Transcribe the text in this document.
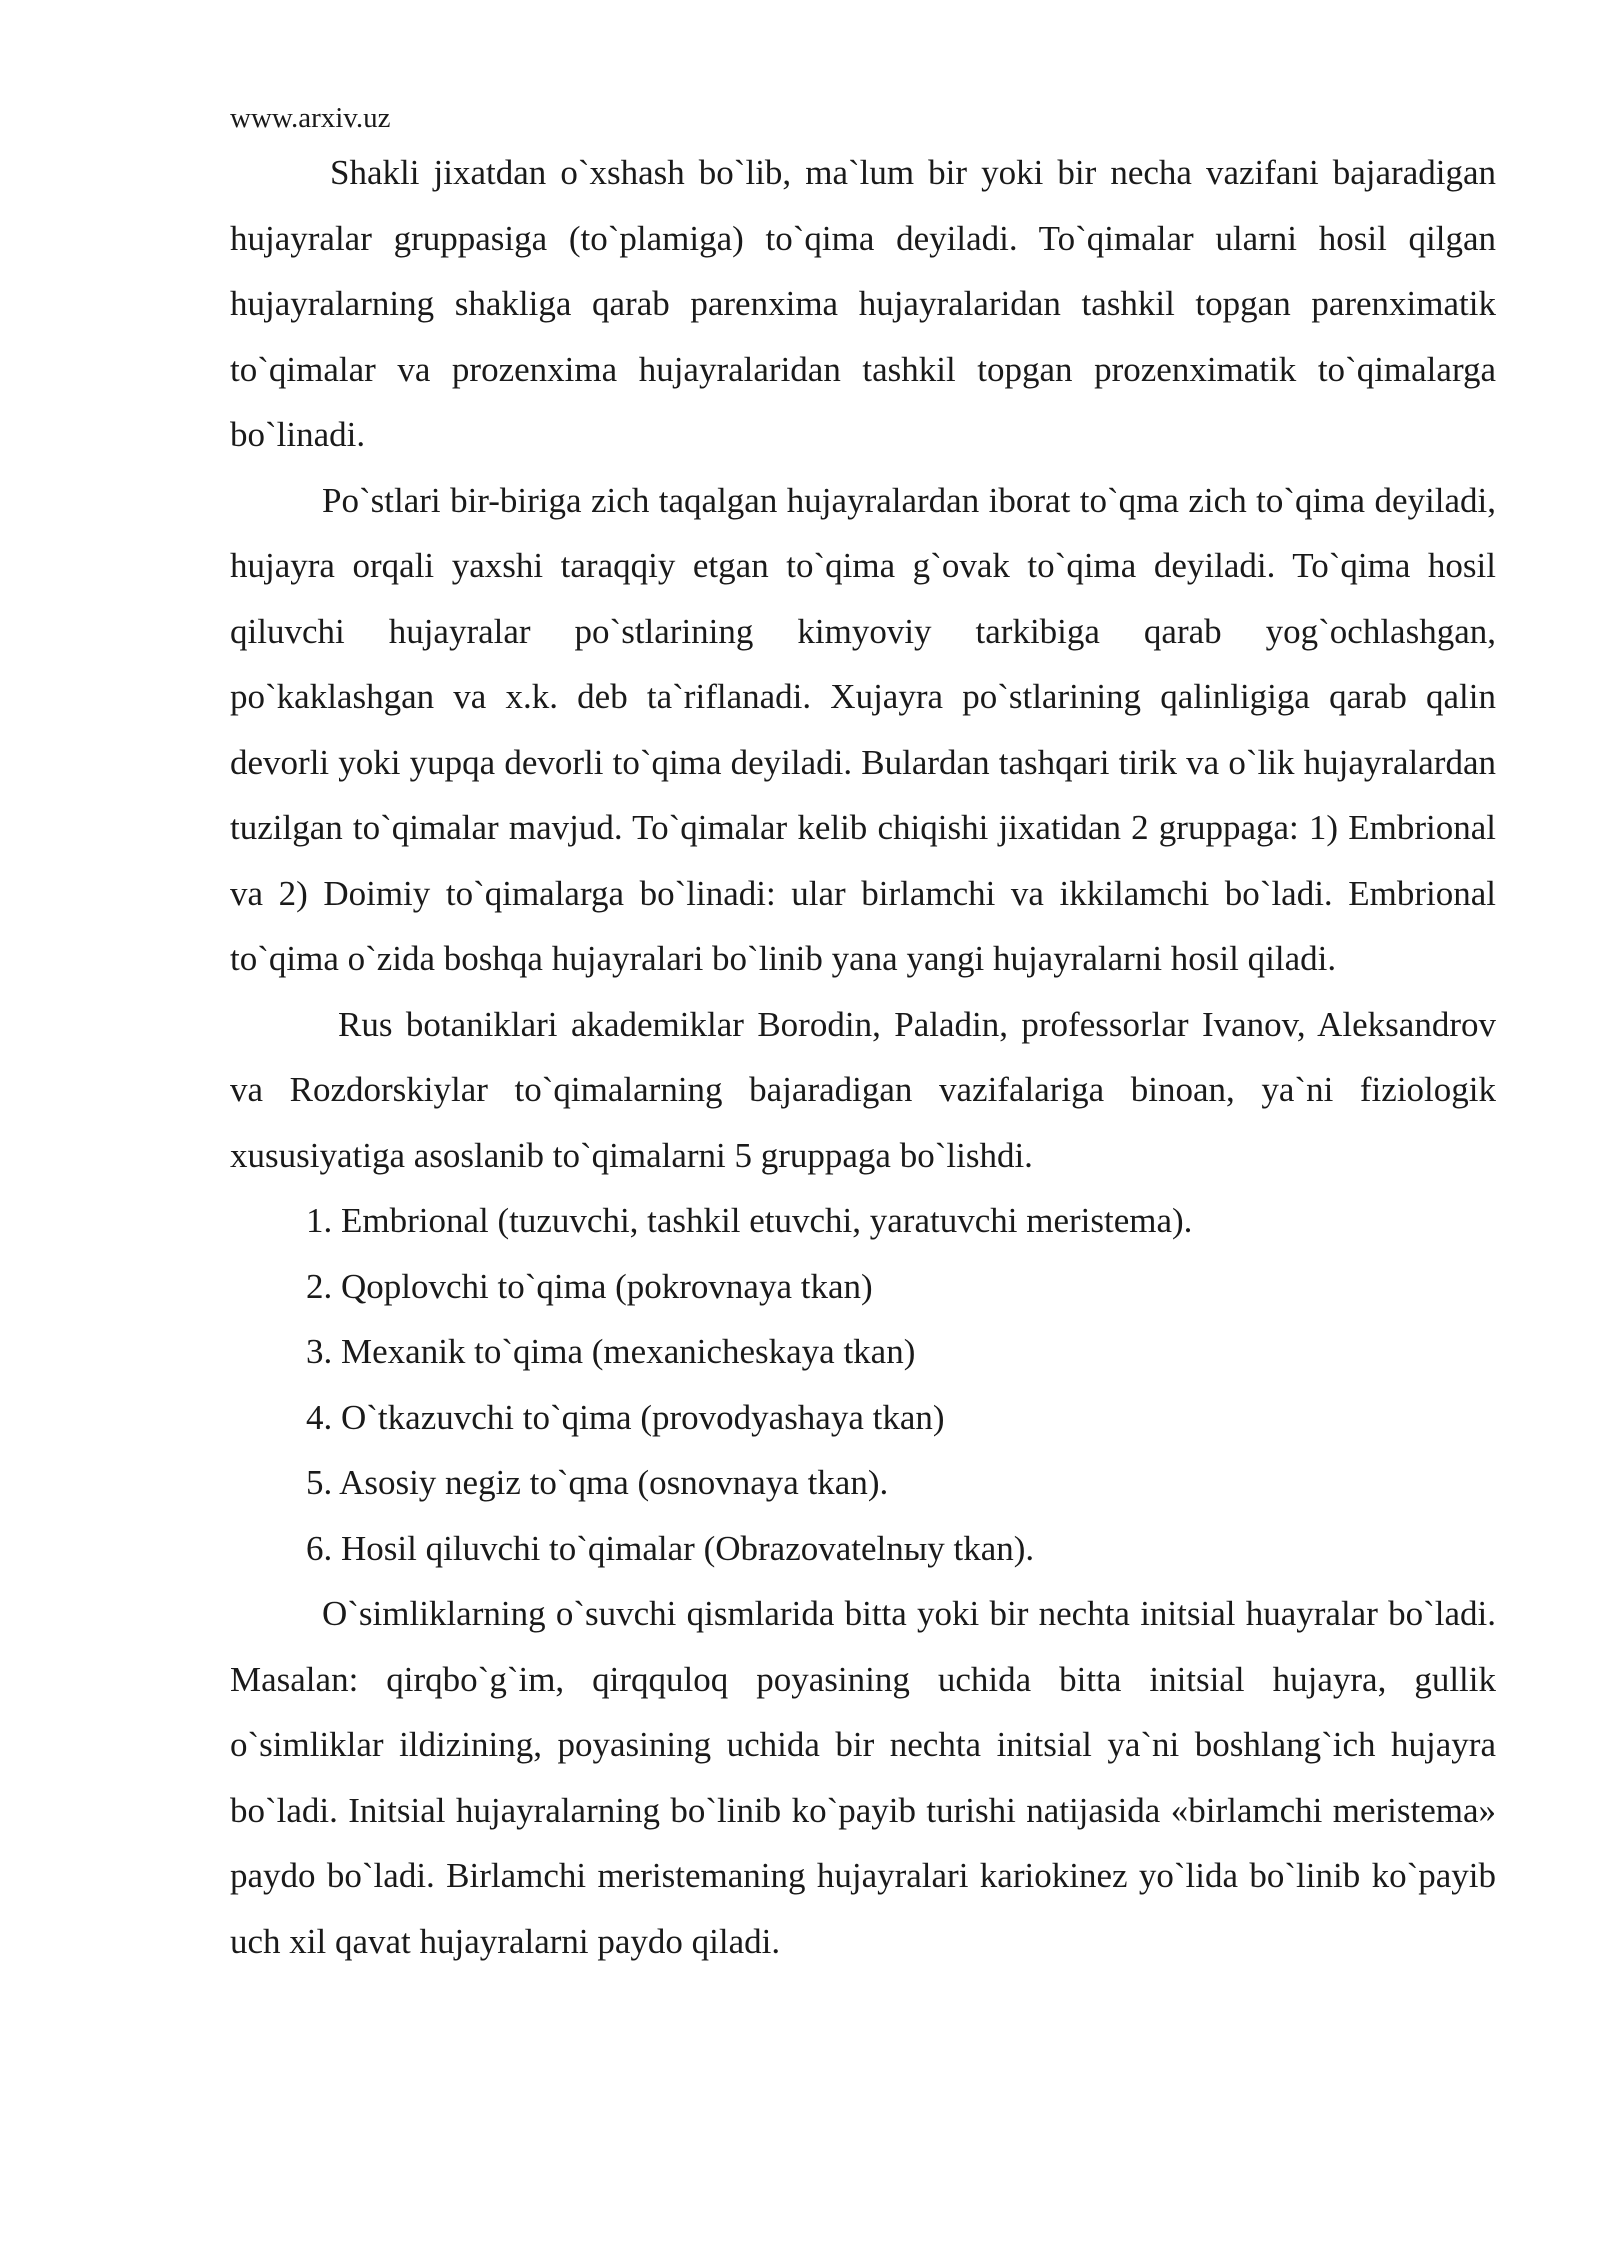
www.arxiv.uz

Shakli jixatdan o`xshash bo`lib, ma`lum bir yoki bir necha vazifani bajaradigan hujayralar gruppasiga (to`plamiga) to`qima deyiladi. To`qimalar ularni hosil qilgan hujayralarning shakliga qarab parenxima hujayralaridan tashkil topgan parenximatik to`qimalar va prozenxima hujayralaridan tashkil topgan prozenximatik to`qimalarga bo`linadi.

Po`stlari bir-biriga zich taqalgan hujayralardan iborat to`qma zich to`qima deyiladi, hujayra orqali yaxshi taraqqiy etgan to`qima g`ovak to`qima deyiladi. To`qima hosil qiluvchi hujayralar po`stlarining kimyoviy tarkibiga qarab yog`ochlashgan, po`kaklashgan va x.k. deb ta`riflanadi. Xujayra po`stlarining qalinligiga qarab qalin devorli yoki yupqa devorli to`qima deyiladi. Bulardan tashqari tirik va o`lik hujayralardan tuzilgan to`qimalar mavjud. To`qimalar kelib chiqishi jixatidan 2 gruppaga: 1) Embrional va 2) Doimiy to`qimalarga bo`linadi: ular birlamchi va ikkilamchi bo`ladi. Embrional to`qima o`zida boshqa hujayralari bo`linib yana yangi hujayralarni hosil qiladi.

Rus botaniklari akademiklar Borodin, Paladin, professorlar Ivanov, Aleksandrov va Rozdorskiylar to`qimalarning bajaradigan vazifalariga binoan, ya`ni fiziologik xususiyatiga asoslanib to`qimalarni 5 gruppaga bo`lishdi.

1. Embrional (tuzuvchi, tashkil etuvchi, yaratuvchi meristema).
2. Qoplovchi to`qima (pokrovnaya tkan)
3. Mexanik to`qima (mexanicheskaya tkan)
4. O`tkazuvchi to`qima (provodyashaya tkan)
5. Asosiy negiz to`qma (osnovnaya tkan).
6. Hosil qiluvchi to`qimalar (Obrazovatelnыy tkan).

O`simliklarning o`suvchi qismlarida bitta yoki bir nechta initsial huayralar bo`ladi. Masalan: qirqbo`g`im, qirqquloq poyasining uchida bitta initsial hujayra, gullik o`simliklar ildizining, poyasining uchida bir nechta initsial ya`ni boshlang`ich hujayra bo`ladi. Initsial hujayralarning bo`linib ko`payib turishi natijasida «birlamchi meristema» paydo bo`ladi. Birlamchi meristemaning hujayralari kariokinez yo`lida bo`linib ko`payib uch xil qavat hujayralarni paydo qiladi.
